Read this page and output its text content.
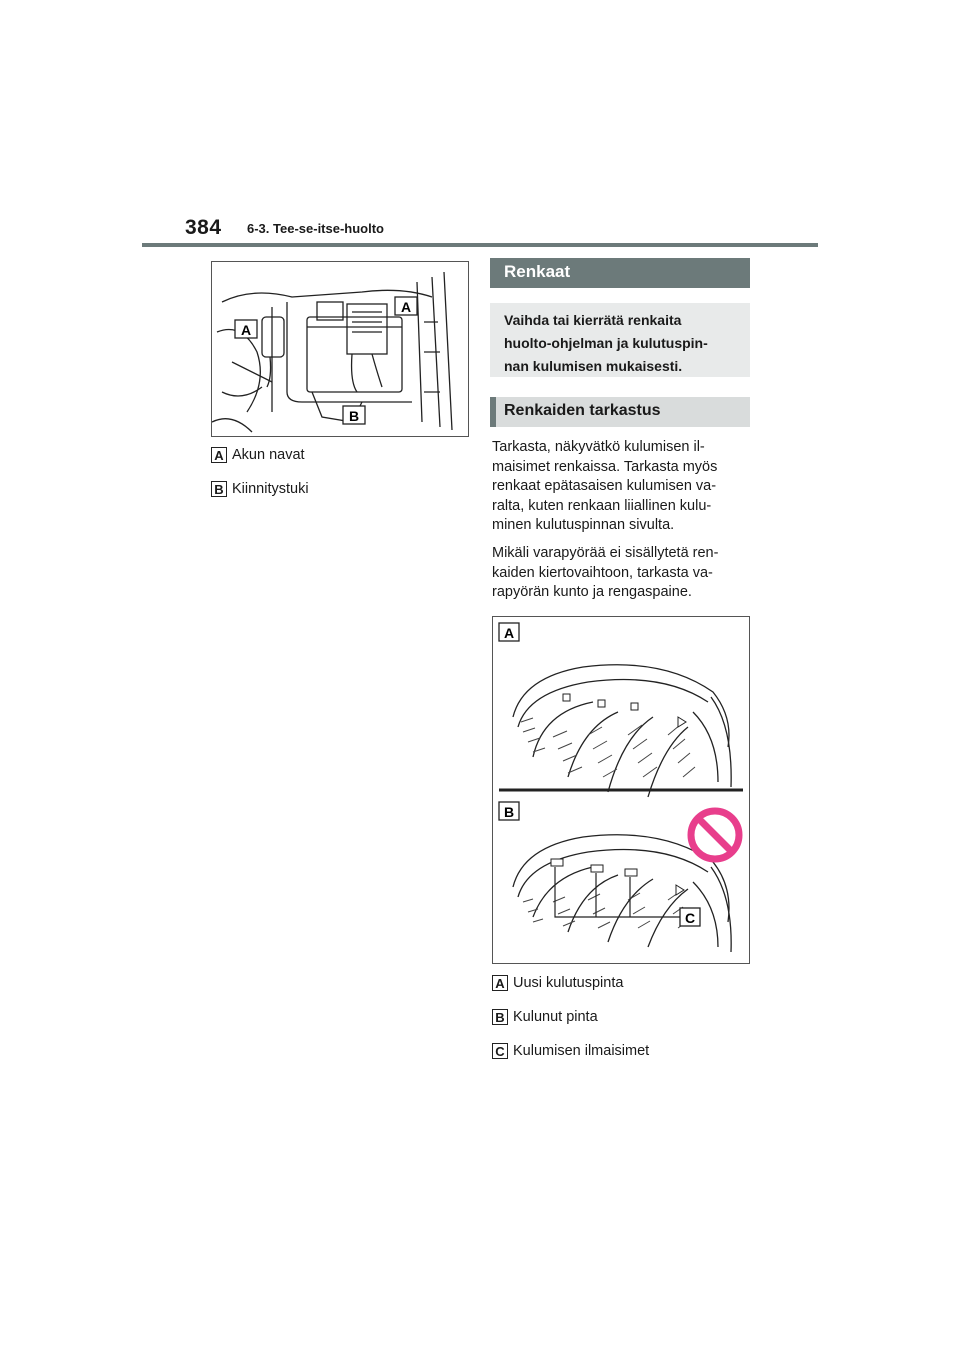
384 6-3. Tee-se-itse-huolto
A
A
B
A Akun navat
B Kiinnitystuki
Renkaat
Vaihda tai kierrätä renkaita
huolto-ohjelman ja kulutuspin-
nan kulumisen mukaisesti.
Renkaiden tarkastus
Tarkasta, näkyvätkö kulumisen il-
maisimet renkaissa. Tarkasta myös
renkaat epätasaisen kulumisen va-
ralta, kuten renkaan liiallinen kulu-
minen kulutuspinnan sivulta.
Mikäli varapyörää ei sisällytetä ren-
kaiden kiertovaihtoon, tarkasta va-
rapyörän kunto ja rengaspaine.
A
B
C
A Uusi kulutuspinta
B Kulunut pinta
C Kulumisen ilmaisimet
